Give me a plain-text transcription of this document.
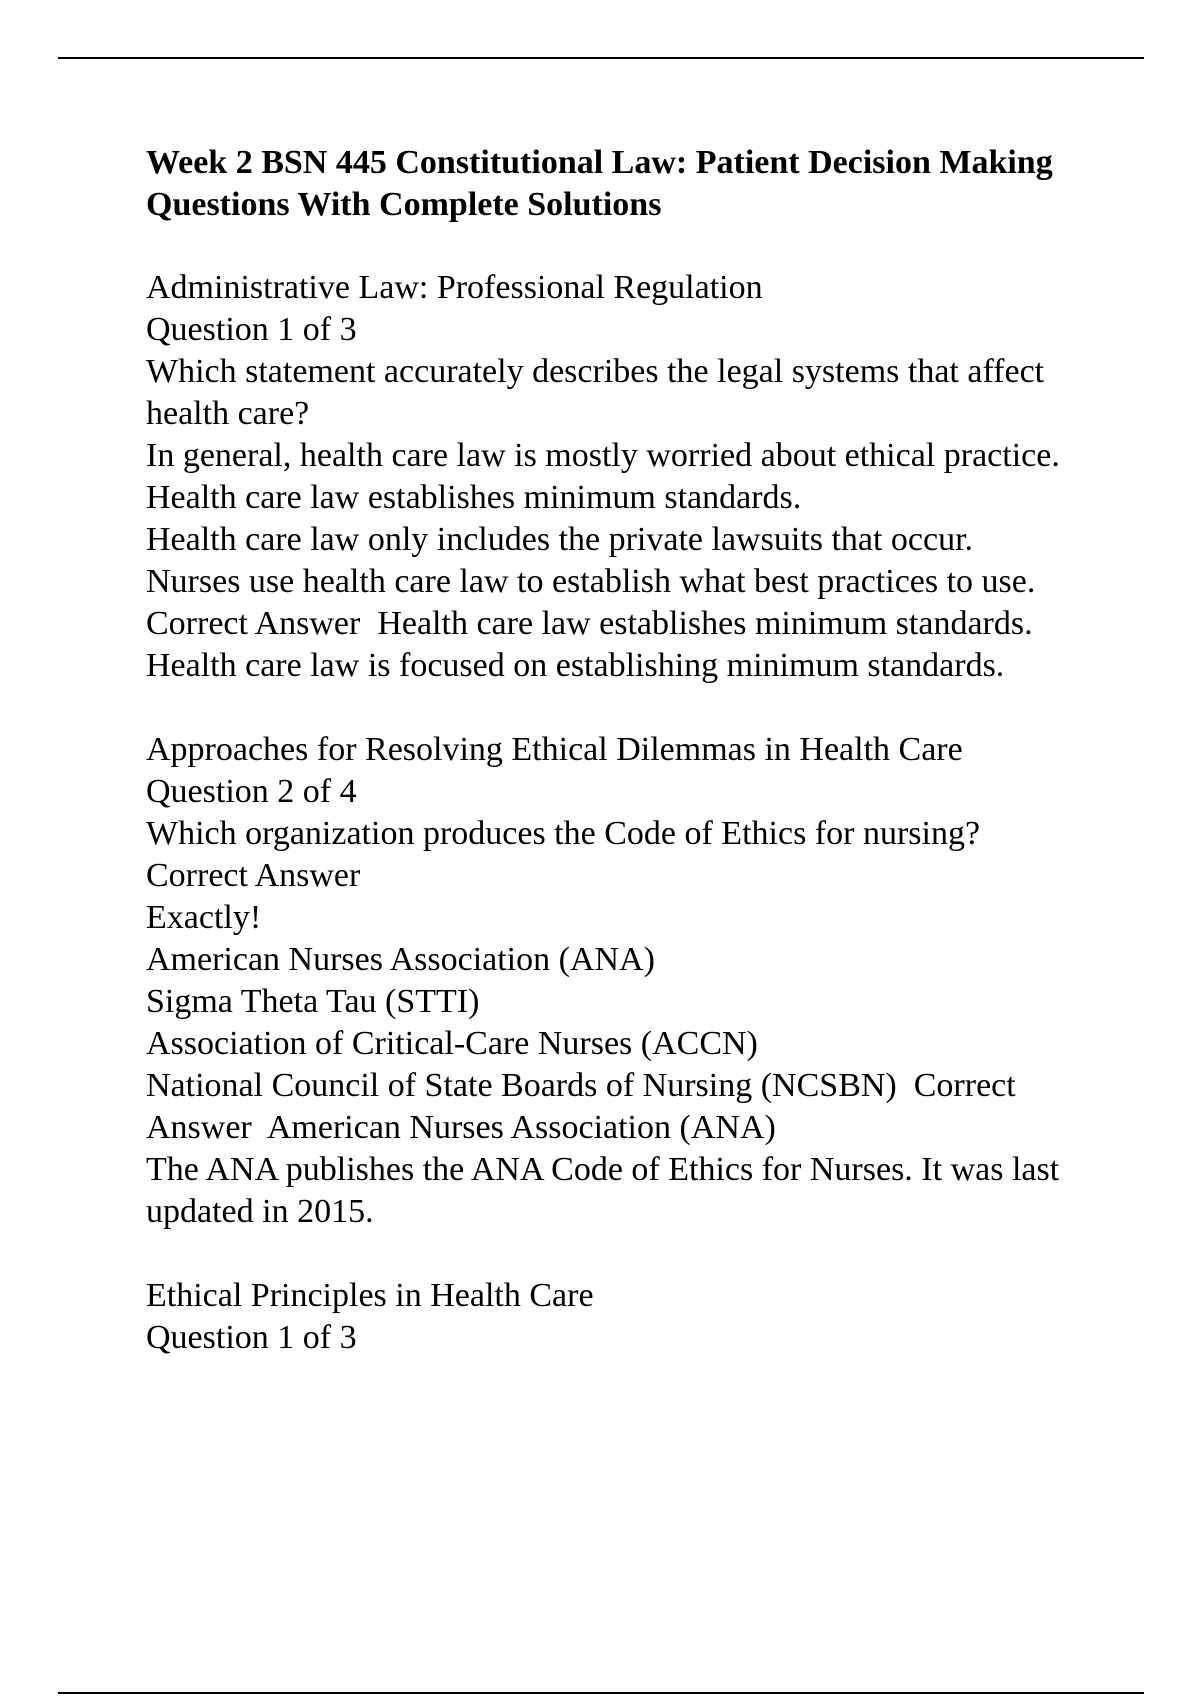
Week 2 BSN 445 Constitutional Law: Patient Decision Making Questions With Complete Solutions

Administrative Law: Professional Regulation

Question 1 of 3

Which statement accurately describes the legal systems that affect health care?

In general, health care law is mostly worried about ethical practice.

Health care law establishes minimum standards.

Health care law only includes the private lawsuits that occur.

Nurses use health care law to establish what best practices to use.  Correct Answer  Health care law establishes minimum standards.

Health care law is focused on establishing minimum standards.

Approaches for Resolving Ethical Dilemmas in Health Care

Question 2 of 4

Which organization produces the Code of Ethics for nursing?

Correct Answer

Exactly!

American Nurses Association (ANA)

Sigma Theta Tau (STTI)

Association of Critical-Care Nurses (ACCN)

National Council of State Boards of Nursing (NCSBN)  Correct Answer  American Nurses Association (ANA)

The ANA publishes the ANA Code of Ethics for Nurses. It was last updated in 2015.

Ethical Principles in Health Care

Question 1 of 3
